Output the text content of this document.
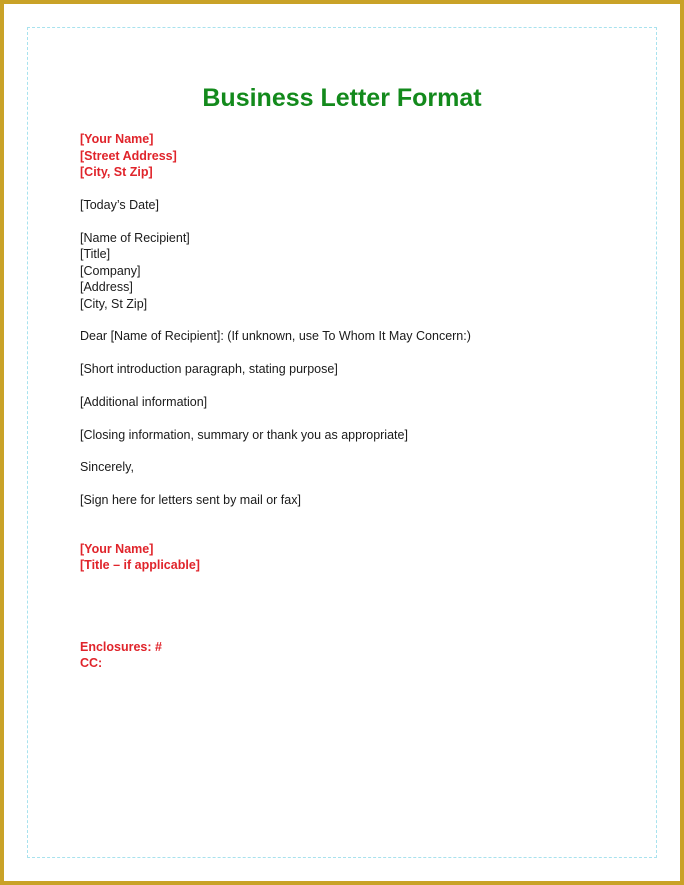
Business Letter Format
[Your Name]
[Street Address]
[City, St Zip]
[Today’s Date]
[Name of Recipient]
[Title]
[Company]
[Address]
[City, St Zip]
Dear [Name of Recipient]: (If unknown, use To Whom It May Concern:)
[Short introduction paragraph, stating purpose]
[Additional information]
[Closing information, summary or thank you as appropriate]
Sincerely,
[Sign here for letters sent by mail or fax]
[Your Name]
[Title – if applicable]
Enclosures: #
CC:
